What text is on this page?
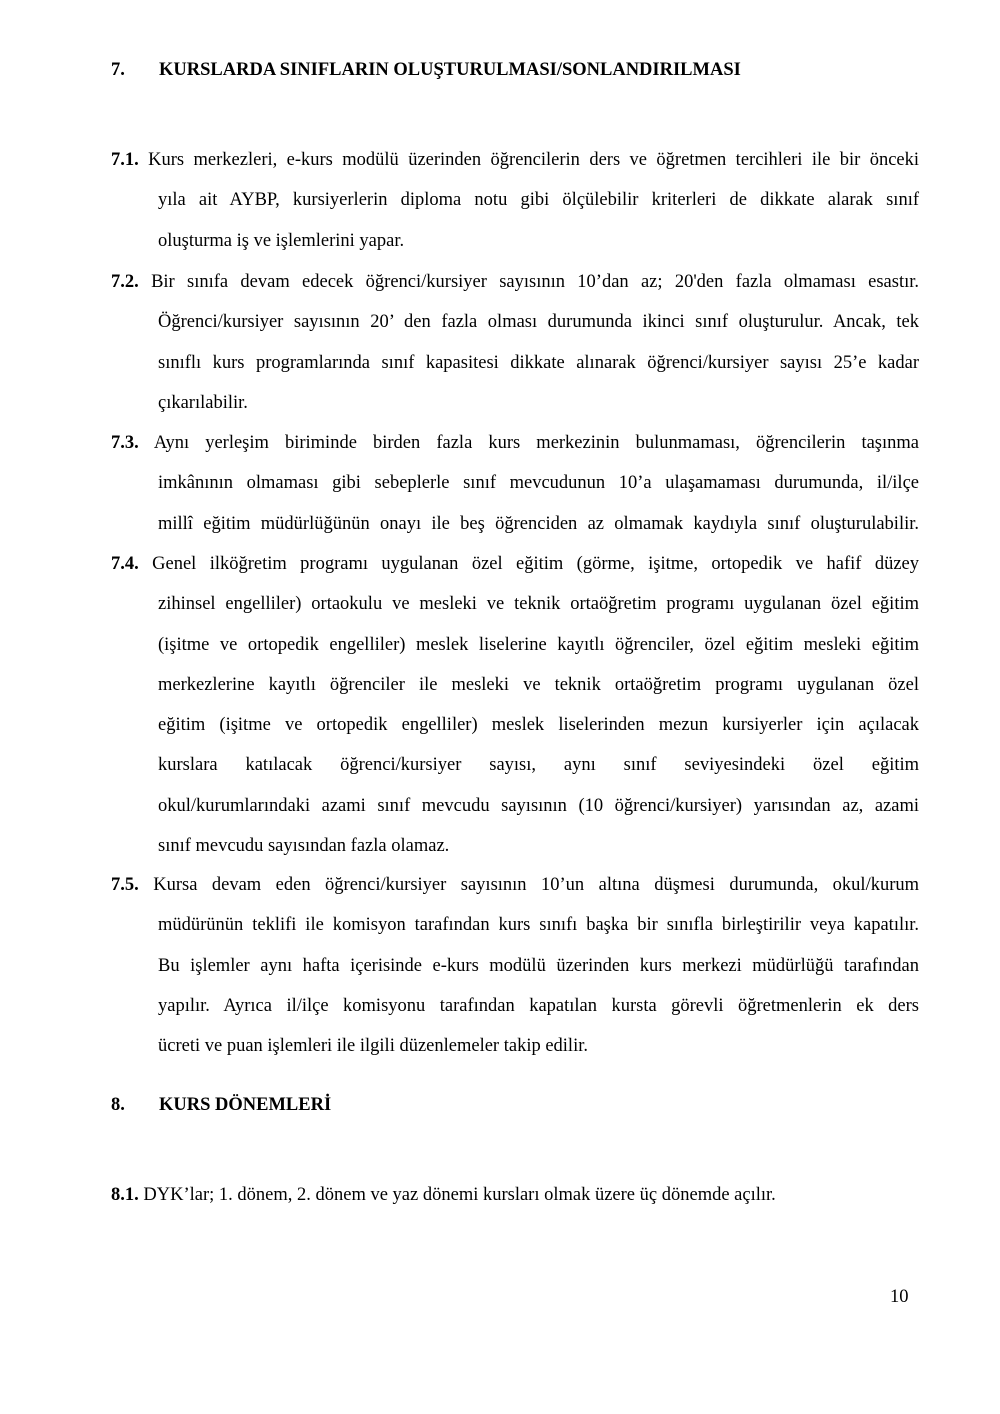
7.	KURSLARDA SINIFLARIN OLUŞTURULMASI/SONLANDIRILMASI
7.1. Kurs merkezleri, e-kurs modülü üzerinden öğrencilerin ders ve öğretmen tercihleri ile bir önceki
yıla ait AYBP, kursiyerlerin diploma notu gibi ölçülebilir kriterleri de dikkate alarak sınıf
oluşturma iş ve işlemlerini yapar.
7.2. Bir sınıfa devam edecek öğrenci/kursiyer sayısının 10’dan az; 20'den fazla olmaması esastır.
Öğrenci/kursiyer sayısının 20’ den fazla olması durumunda ikinci sınıf oluşturulur. Ancak, tek
sınıflı kurs programlarında sınıf kapasitesi dikkate alınarak öğrenci/kursiyer sayısı 25’e kadar
çıkarılabilir.
7.3. Aynı yerleşim biriminde birden fazla kurs merkezinin bulunmaması, öğrencilerin taşınma
imkânının olmaması gibi sebeplerle sınıf mevcudunun 10’a ulaşamaması durumunda, il/ilçe
millî eğitim müdürlüğünün onayı ile beş öğrenciden az olmamak kaydıyla sınıf oluşturulabilir.
7.4. Genel ilköğretim programı uygulanan özel eğitim (görme, işitme, ortopedik ve hafif düzey
zihinsel engelliler) ortaokulu ve mesleki ve teknik ortaöğretim programı uygulanan özel eğitim
(işitme ve ortopedik engelliler) meslek liselerine kayıtlı öğrenciler, özel eğitim mesleki eğitim
merkezlerine kayıtlı öğrenciler ile mesleki ve teknik ortaöğretim programı uygulanan özel
eğitim (işitme ve ortopedik engelliler) meslek liselerinden mezun kursiyerler için açılacak
kurslara katılacak öğrenci/kursiyer sayısı, aynı sınıf seviyesindeki özel eğitim
okul/kurumlarındaki azami sınıf mevcudu sayısının (10 öğrenci/kursiyer) yarısından az, azami
sınıf mevcudu sayısından fazla olamaz.
7.5. Kursa devam eden öğrenci/kursiyer sayısının 10’un altına düşmesi durumunda, okul/kurum
müdürünün teklifi ile komisyon tarafından kurs sınıfı başka bir sınıfla birleştirilir veya kapatılır.
Bu işlemler aynı hafta içerisinde e-kurs modülü üzerinden kurs merkezi müdürlüğü tarafından
yapılır. Ayrıca il/ilçe komisyonu tarafından kapatılan kursta görevli öğretmenlerin ek ders
ücreti ve puan işlemleri ile ilgili düzenlemeler takip edilir.
8.	KURS DÖNEMLERİ
8.1. DYK’lar; 1. dönem, 2. dönem ve yaz dönemi kursları olmak üzere üç dönemde açılır.
10
